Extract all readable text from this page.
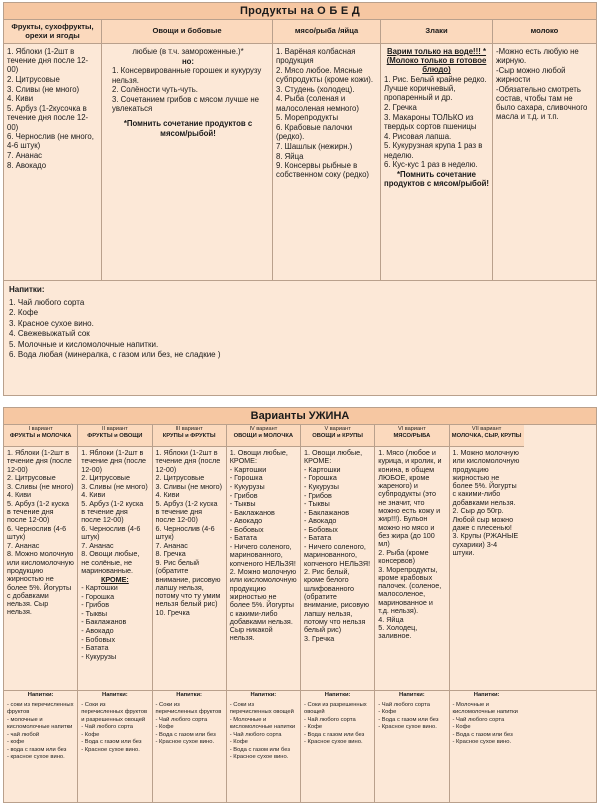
Продукты на О Б Е Д
Фрукты, сухофрукты, орехи и ягоды

1. Яблоки (1-2шт в течение дня после 12-00)

2. Цитрусовые

3. Сливы (не много)

4. Киви

5. Арбуз (1-2кусочка в течение дня после 12-00)

6. Чернослив (не много, 4-6 штук)

7. Ананас

8. Авокадо

Овощи и бобовые

любые (в т.ч. замороженные.)*

но:

1. Консервированные горошек и кукурузу нельзя.

2. Солёности чуть-чуть.

3. Сочетанием грибов с мясом лучше не увлекаться

*Помнить сочетание продуктов с мясом/рыбой!

мясо/рыба /яйца

1. Варёная колбасная продукция

2. Мясо любое. Мясные субпродукты (кроме кожи).

3. Студень (холодец).

4. Рыба (соленая и малосоленая немного)

5. Морепродукты

6. Крабовые палочки (редко).

7. Шашлык (нежирн.)

8. Яйца

9. Консервы рыбные в собственном соку (редко)

Злаки

Варим только на воде!!! * (Молоко только в готовое блюдо)

1. Рис. Белый крайне редко. Лучше коричневый, пропаренный и др.

2. Гречка

3. Макароны ТОЛЬКО из твердых сортов пшеницы

4. Рисовая лапша.

5. Кукурузная крупа 1 раз в неделю.

6. Кус-кус 1 раз в неделю.

*Помнить сочетание продуктов с мясом/рыбой!

молоко

-Можно есть любую не жирную.

-Сыр можно любой жирности

-Обязательно смотреть состав, чтобы там не было сахара, сливочного масла и т.д. и т.п.

Напитки:
1. Чай любого сорта
2. Кофе
3. Красное сухое вино.
4. Свежевыжатый сок
5. Молочные и кисломолочные напитки.
6. Вода любая (минералка, с газом или без, не сладкие )
Варианты УЖИНА
I вариант
ФРУКТЫ и МОЛОЧКА

1. Яблоки (1-2шт в течение дня (после 12-00)

2. Цитрусовые

3. Сливы (не много)

4. Киви

5. Арбуз (1-2 куска в течение дня после 12-00)

6. Чернослив (4-6 штук)

7. Ананас

8. Можно молочную или кисломолочную продукцию жирностью не более 5%. Йогурты с добавками нельзя. Сыр нельзя.

II вариант
ФРУКТЫ и ОВОЩИ

1. Яблоки (1-2шт в течение дня (после 12-00)

2. Цитрусовые

3. Сливы (не много)

4. Киви

5. Арбуз (1-2 куска в течение дня после 12-00)

6. Чернослив (4-6 штук)

7. Ананас

8. Овощи любые, не солёные, не маринованные.

КРОМЕ:

- Картошки

- Горошка

- Грибов

- Тыквы

- Баклажанов

- Авокадо

- Бобовых

- Батата

- Кукурузы

III вариант
КРУПЫ и ФРУКТЫ

1. Яблоки (1-2шт в течение дня (после 12-00)

2. Цитрусовые

3. Сливы (не много)

4. Киви

5. Арбуз (1-2 куска в течение дня после 12-00)

6. Чернослив (4-6 штук)

7. Ананас

8. Гречка

9. Рис белый (обратите внимание, рисовую лапшу нельзя, потому что ту умим нельзя белый рис)

10. Гречка

IV вариант
ОВОЩИ и МОЛОЧКА

1. Овощи любые, КРОМЕ:

- Картошки

- Горошка

- Кукурузы

- Грибов

- Тыквы

- Баклажанов

- Авокадо

- Бобовых

- Батата

- Ничего соленого, маринованного, копченого НЕЛЬЗЯ!

2. Можно молочную или кисломолочную продукцию жирностью не более 5%. Йогурты с какими-либо добавками нельзя. Сыр никакой нельзя.

V вариант
ОВОЩИ и КРУПЫ

1. Овощи любые, КРОМЕ:

- Картошки

- Горошка

- Кукурузы

- Грибов

- Тыквы

- Баклажанов

- Авокадо

- Бобовых

- Батата

- Ничего соленого, маринованного, копченого НЕЛЬЗЯ!

2. Рис белый, кроме белого шлифованного (обратите внимание, рисовую лапшу нельзя, потому что нельзя белый рис)

3. Гречка

VI вариант
МЯСО/РЫБА

1. Мясо (любое и курица, и кролик, и конина, в общем ЛЮБОЕ, кроме жареного) и субпродукты (это не значит, что можно есть кожу и жир!!!). Бульон можно но мясо и без жира (до 100 мл)

2. Рыба (кроме консервов)

3. Морепродукты, кроме крабовых палочек. (соленое, малосоленое, маринованное и т.д. нельзя).

4. Яйца

5. Холодец, заливное.

VII вариант
МОЛОЧКА, СЫР, КРУПЫ

1. Можно молочную или кисломолочную продукцию жирностью не более 5%. Йогурты с какими-либо добавками нельзя.

2. Сыр до 50гр. Любой сыр можно даже с плесенью!

3. Крупы (РЖАНЫЕ сухарики) 3-4 штуки.

Напитки:
- соки из перечисленных фруктов
- молочные и кисломолочные напитки
- чай любой
- кофе
- вода с газом или без
- красное сухое вино.
Напитки:
- Соки из перечисленных фруктов и разрешенных овощей
- Чай любого сорта
- Кофе
- Вода с газом или без
- Красное сухое вино.
Напитки:
- Соки из перечисленных фруктов
- Чай любого сорта
- Кофе
- Вода с газом или без
- Красное сухое вино.
Напитки:
- Соки из перечисленных овощей
- Молочные и кисломолочные напитки
- Чай любого сорта
- Кофе
- Вода с газом или без
- Красное сухое вино.
Напитки:
- Соки из разрешенных овощей
- Чай любого сорта
- Кофе
- Вода с газом или без
- Красное сухое вино.
Напитки:
- Чай любого сорта
- Кофе
- Вода с газом или без
- Красное сухое вино.
Напитки:
- Молочные и кисломолочные напитки
- Чай любого сорта
- Кофе
- Вода с газом или без
- Красное сухое вино.
